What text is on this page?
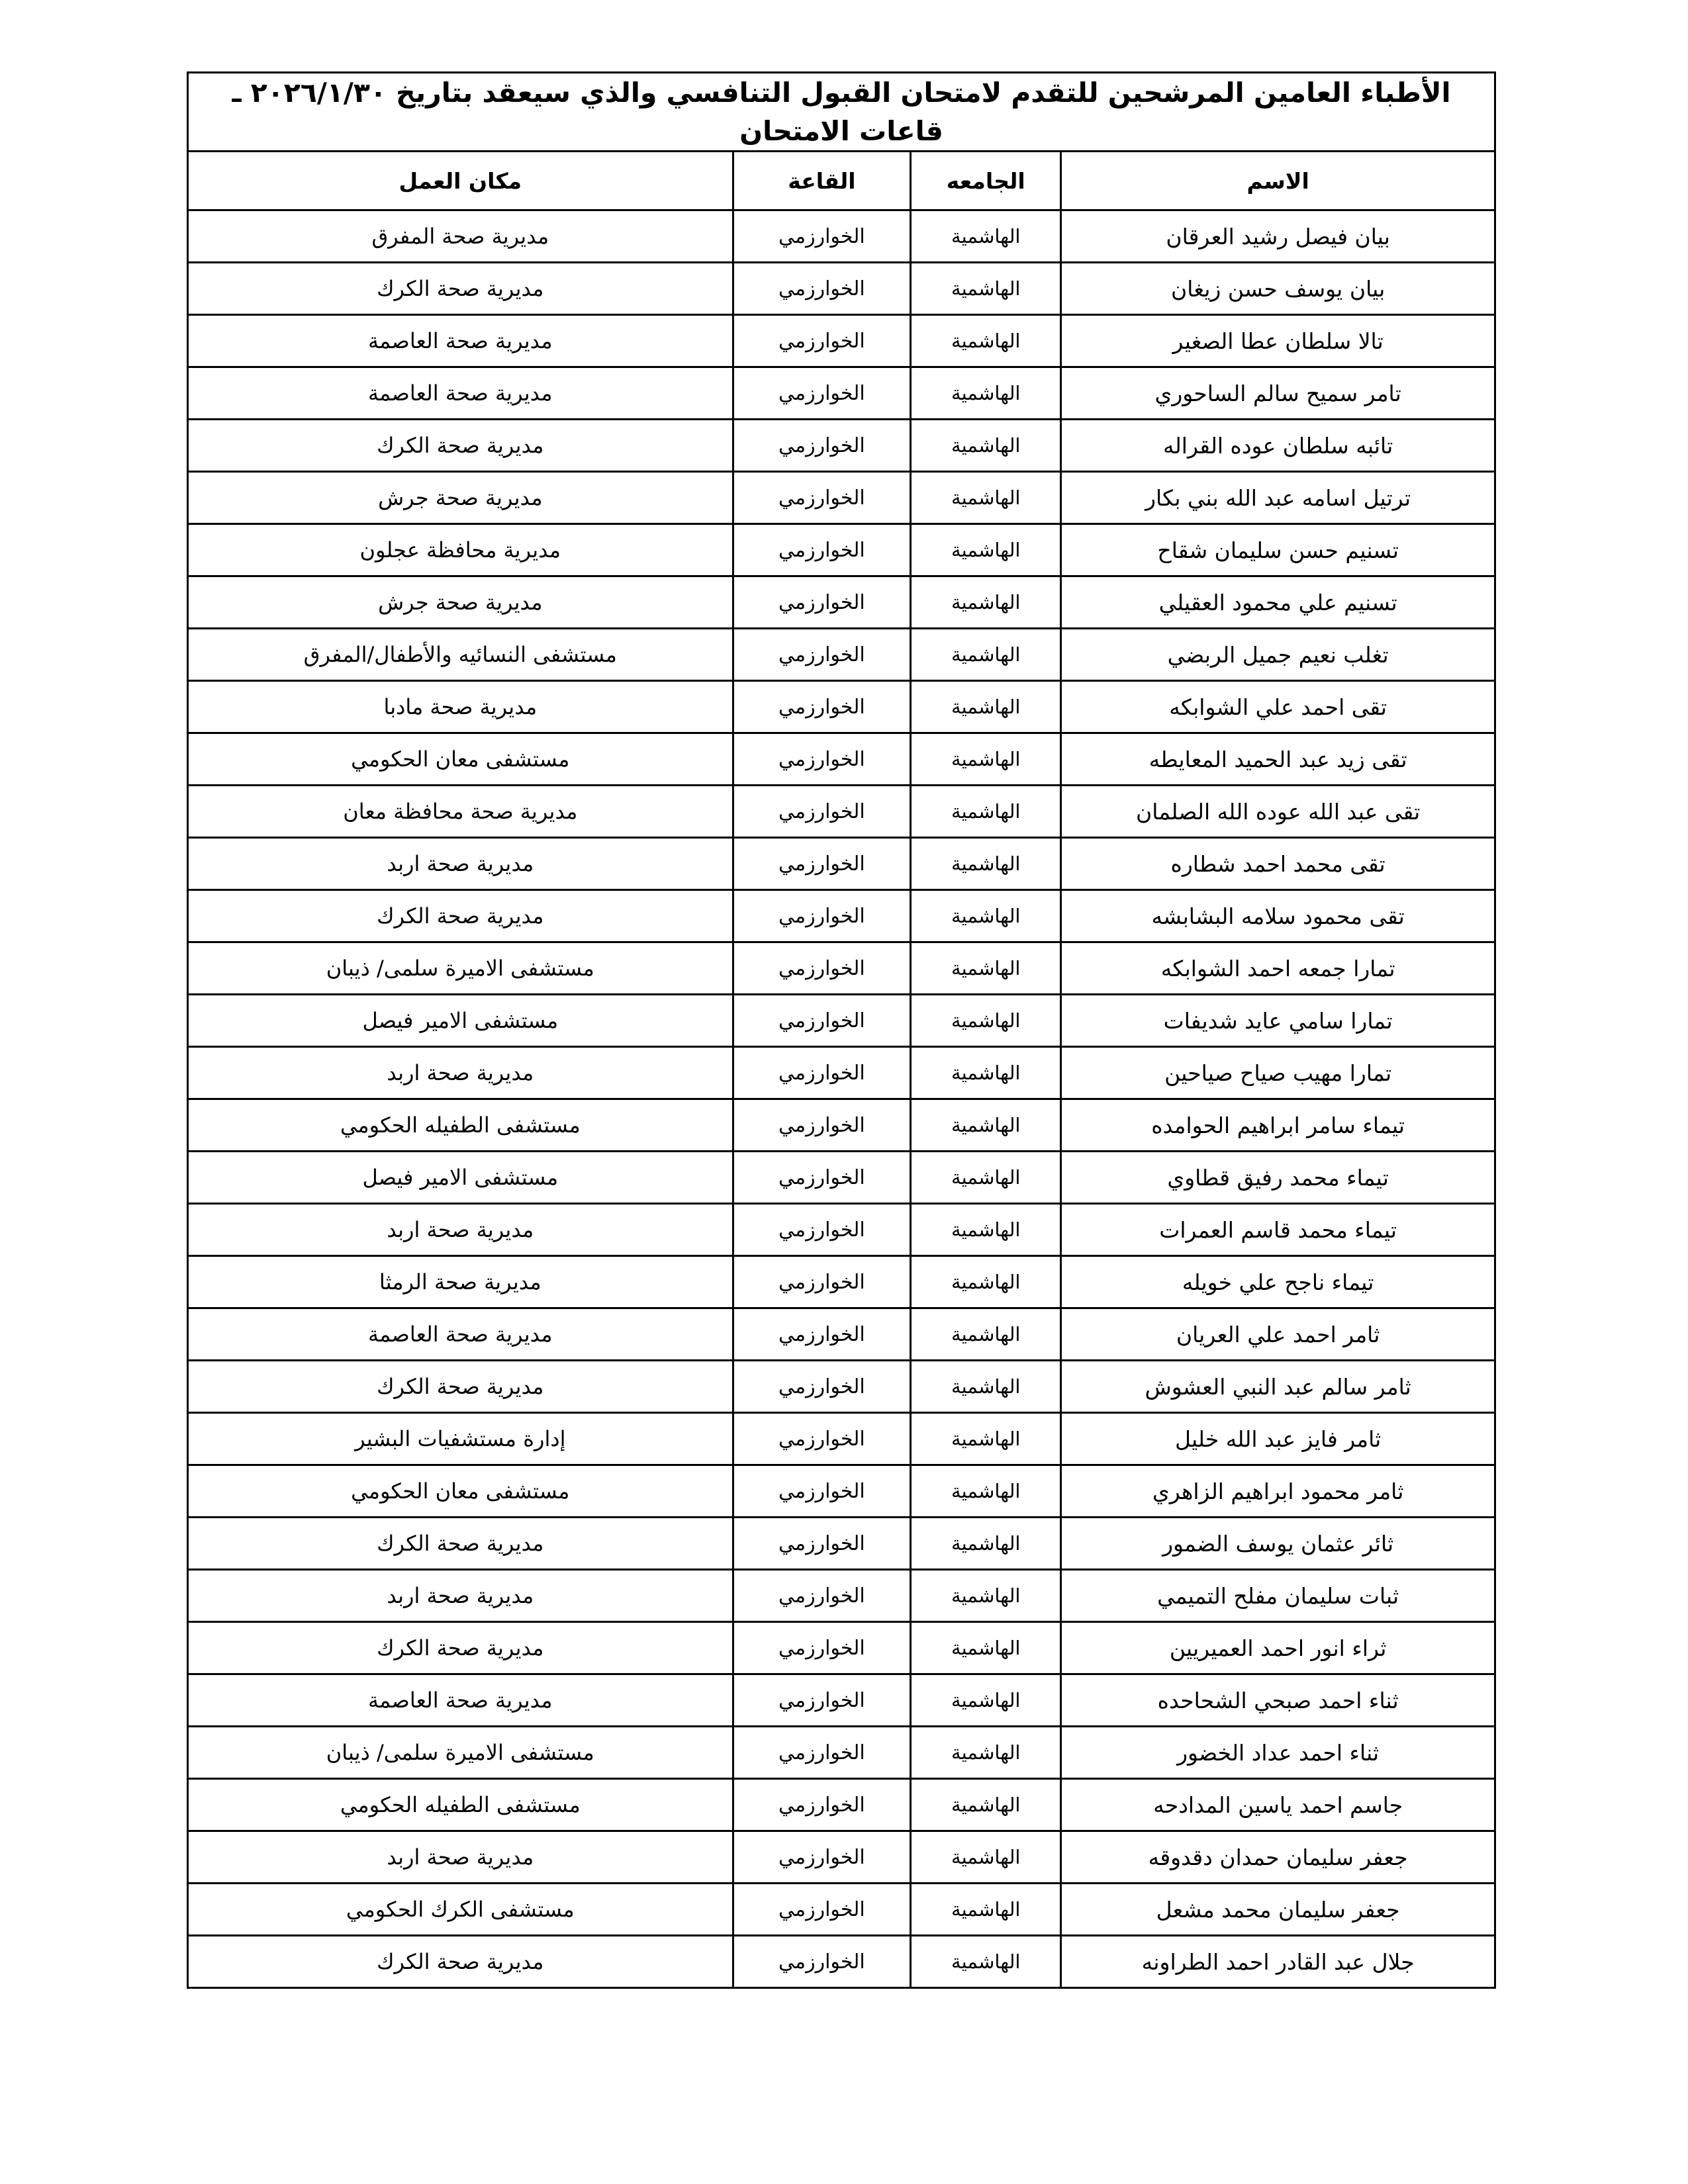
الأطباء العامين المرشحين للتقدم لامتحان القبول التنافسي والذي سيعقد بتاريخ ٢٠٢٦/١/٣٠ ـ قاعات الامتحان			
الاسم	الجامعه	القاعة	مكان العمل
بيان فيصل رشيد العرقان	الهاشمية	الخوارزمي	مديرية صحة المفرق
بيان يوسف حسن زيغان	الهاشمية	الخوارزمي	مديرية صحة الكرك
تالا سلطان عطا الصغير	الهاشمية	الخوارزمي	مديرية صحة العاصمة
تامر سميح سالم الساحوري	الهاشمية	الخوارزمي	مديرية صحة العاصمة
تائبه سلطان عوده القراله	الهاشمية	الخوارزمي	مديرية صحة الكرك
ترتيل اسامه عبد الله بني بكار	الهاشمية	الخوارزمي	مديرية صحة جرش
تسنيم حسن سليمان شقاح	الهاشمية	الخوارزمي	مديرية محافظة عجلون
تسنيم علي محمود العقيلي	الهاشمية	الخوارزمي	مديرية صحة جرش
تغلب نعيم جميل الربضي	الهاشمية	الخوارزمي	مستشفى النسائيه والأطفال/المفرق
تقى احمد علي الشوابكه	الهاشمية	الخوارزمي	مديرية صحة مادبا
تقى زيد عبد الحميد المعايطه	الهاشمية	الخوارزمي	مستشفى معان الحكومي
تقى عبد الله عوده الله الصلمان	الهاشمية	الخوارزمي	مديرية صحة محافظة معان
تقى محمد احمد شطاره	الهاشمية	الخوارزمي	مديرية صحة اربد
تقى محمود سلامه البشابشه	الهاشمية	الخوارزمي	مديرية صحة الكرك
تمارا جمعه احمد الشوابكه	الهاشمية	الخوارزمي	مستشفى الاميرة سلمى/ ذيبان
تمارا سامي عايد شديفات	الهاشمية	الخوارزمي	مستشفى الامير فيصل
تمارا مهيب صياح صياحين	الهاشمية	الخوارزمي	مديرية صحة اربد
تيماء سامر ابراهيم الحوامده	الهاشمية	الخوارزمي	مستشفى الطفيله الحكومي
تيماء محمد رفيق قطاوي	الهاشمية	الخوارزمي	مستشفى الامير فيصل
تيماء محمد قاسم العمرات	الهاشمية	الخوارزمي	مديرية صحة اربد
تيماء ناجح علي خويله	الهاشمية	الخوارزمي	مديرية صحة الرمثا
ثامر احمد علي العريان	الهاشمية	الخوارزمي	مديرية صحة العاصمة
ثامر سالم عبد النبي العشوش	الهاشمية	الخوارزمي	مديرية صحة الكرك
ثامر فايز عبد الله خليل	الهاشمية	الخوارزمي	إدارة مستشفيات البشير
ثامر محمود ابراهيم الزاهري	الهاشمية	الخوارزمي	مستشفى معان الحكومي
ثائر عثمان يوسف الضمور	الهاشمية	الخوارزمي	مديرية صحة الكرك
ثبات سليمان مفلح التميمي	الهاشمية	الخوارزمي	مديرية صحة اربد
ثراء انور احمد العميريين	الهاشمية	الخوارزمي	مديرية صحة الكرك
ثناء احمد صبحي الشحاحده	الهاشمية	الخوارزمي	مديرية صحة العاصمة
ثناء احمد عداد الخضور	الهاشمية	الخوارزمي	مستشفى الاميرة سلمى/ ذيبان
جاسم احمد ياسين المدادحه	الهاشمية	الخوارزمي	مستشفى الطفيله الحكومي
جعفر سليمان حمدان دقدوقه	الهاشمية	الخوارزمي	مديرية صحة اربد
جعفر سليمان محمد مشعل	الهاشمية	الخوارزمي	مستشفى الكرك الحكومي
جلال عبد القادر احمد الطراونه	الهاشمية	الخوارزمي	مديرية صحة الكرك
